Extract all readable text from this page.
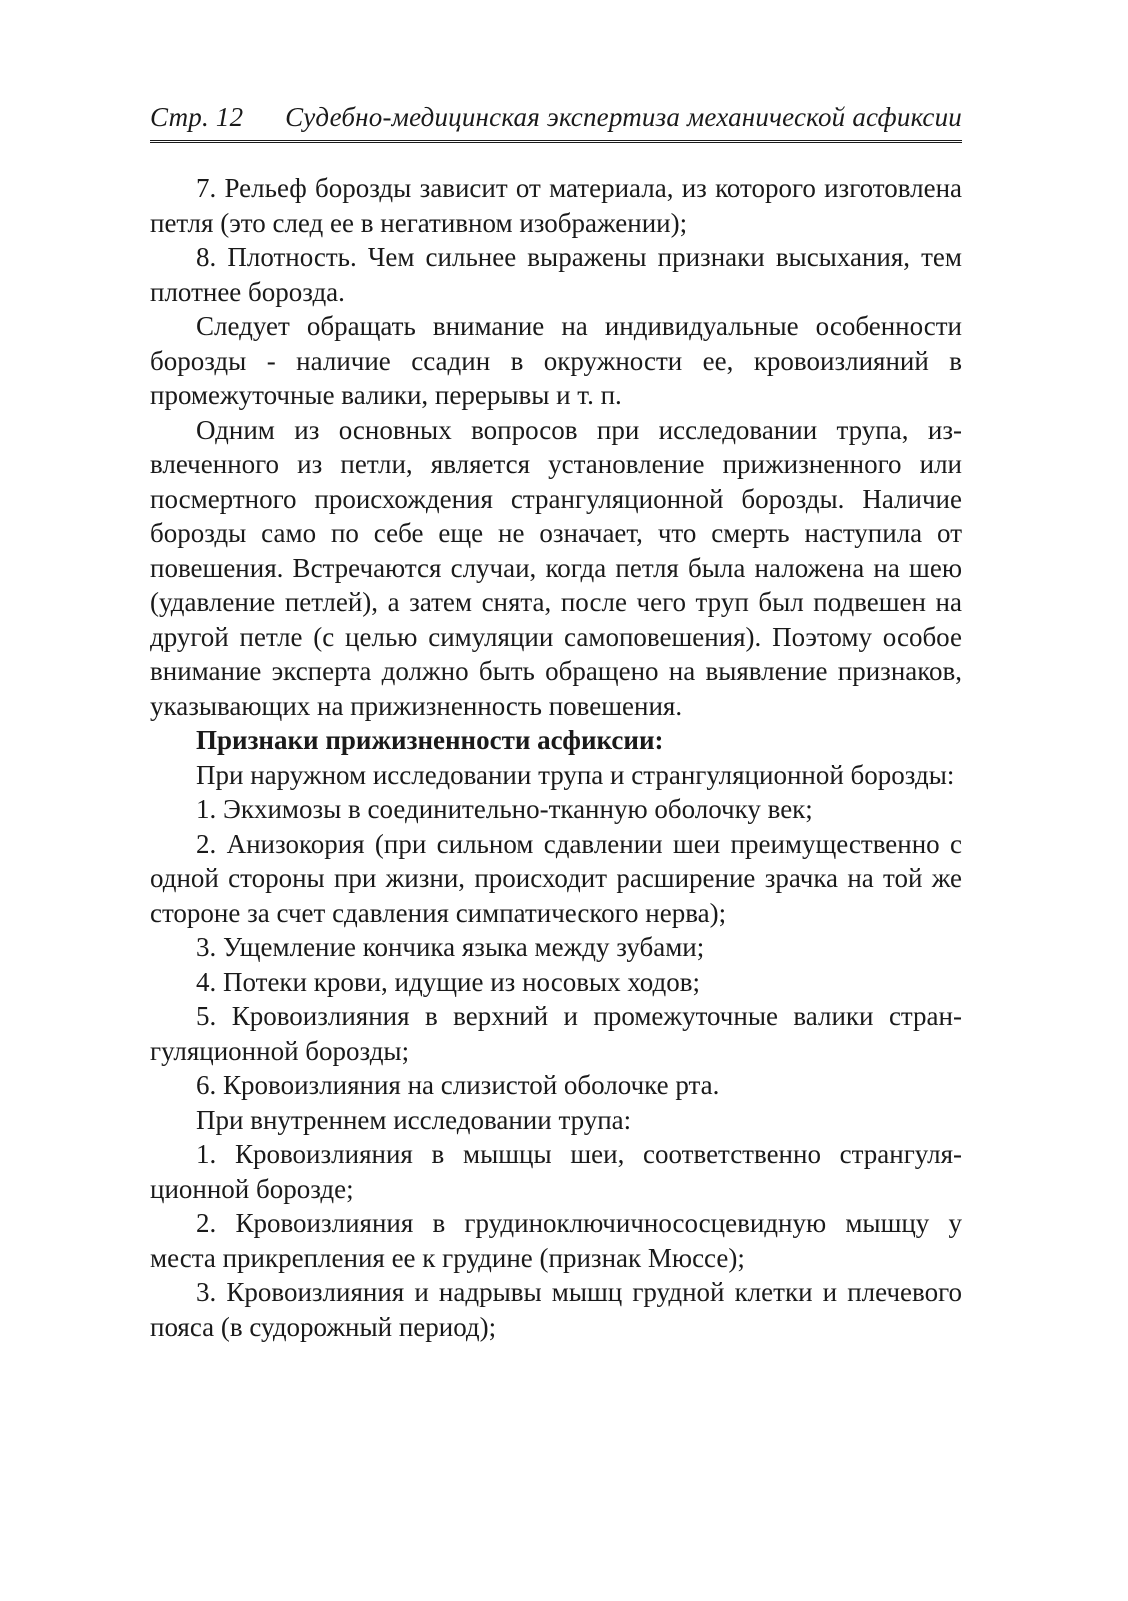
Стр. 12 Судебно-медицинская экспертиза механической асфиксии

7. Рельеф борозды зависит от материала, из которого изготовлена петля (это след ее в негативном изображении);

8. Плотность. Чем сильнее выражены признаки высыхания, тем плотнее борозда.

Следует обращать внимание на индивидуальные особенности борозды - наличие ссадин в окружности ее, кровоизлияний в промежуточные валики, перерывы и т. п.

Одним из основных вопросов при исследовании трупа, извлеченного из петли, является установление прижизненного или посмертного происхождения странгуляционной борозды. Наличие борозды само по себе еще не означает, что смерть наступила от повешения. Встречаются случаи, когда петля была наложена на шею (удавление петлей), а затем снята, после чего труп был подвешен на другой петле (с целью симуляции самоповешения). Поэтому особое внимание эксперта должно быть обращено на выявление признаков, указывающих на прижизненность повешения.

Признаки прижизненности асфиксии:

При наружном исследовании трупа и странгуляционной борозды:

1. Экхимозы в соединительно-тканную оболочку век;

2. Анизокория (при сильном сдавлении шеи преимущественно с одной стороны при жизни, происходит расширение зрачка на той же стороне за счет сдавления симпатического нерва);

3. Ущемление кончика языка между зубами;

4. Потеки крови, идущие из носовых ходов;

5. Кровоизлияния в верхний и промежуточные валики странгуляционной борозды;

6. Кровоизлияния на слизистой оболочке рта.

При внутреннем исследовании трупа:

1. Кровоизлияния в мышцы шеи, соответственно странгуляционной борозде;

2. Кровоизлияния в грудиноключичнососцевидную мышцу у места прикрепления ее к грудине (признак Мюссе);

3. Кровоизлияния и надрывы мышц грудной клетки и плечевого пояса (в судорожный период);
